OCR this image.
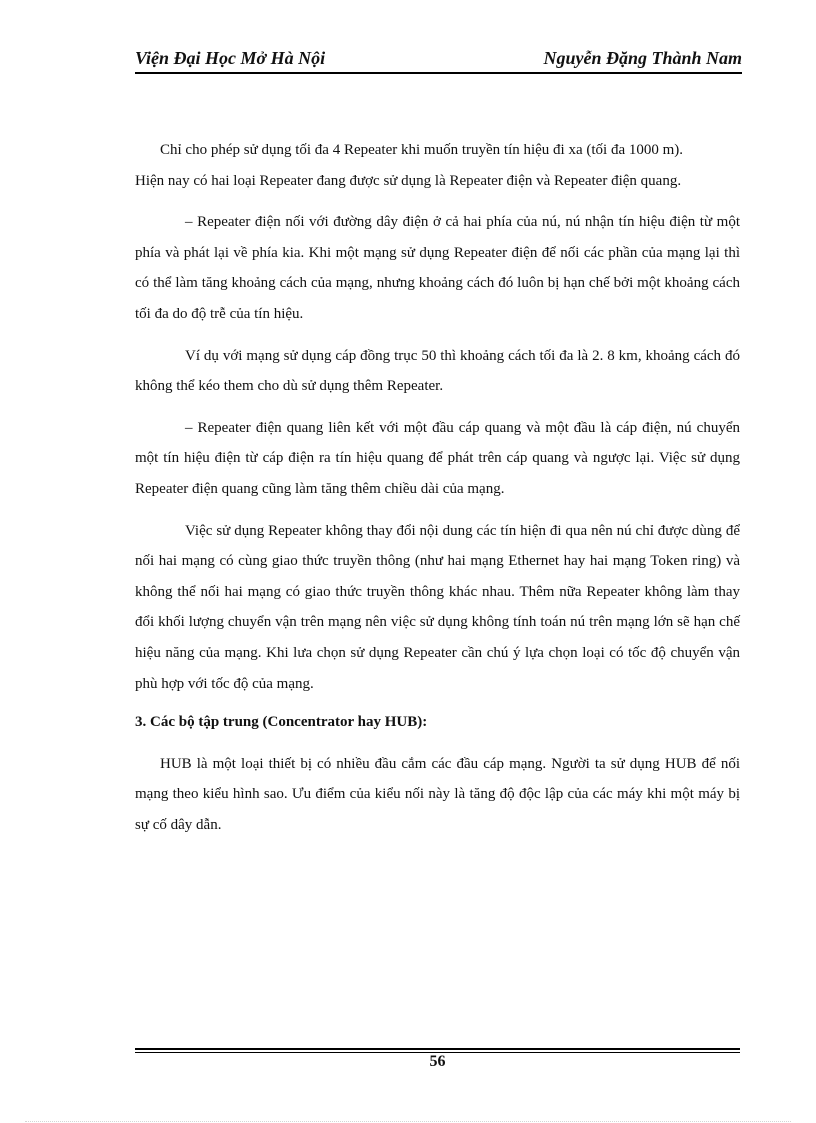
Viện Đại Học Mở Hà Nội	Nguyễn Đặng Thành Nam

Chỉ cho phép sử dụng tối đa 4 Repeater khi muốn truyền tín hiệu đi xa (tối đa 1000 m).

Hiện nay có hai loại Repeater đang được sử dụng là Repeater điện và Repeater điện quang.

– Repeater điện nối với đường dây điện ở cả hai phía của nú, nú nhận tín hiệu điện từ một phía và phát lại về phía kia. Khi một mạng sử dụng Repeater điện để nối các phần của mạng lại thì có thể làm tăng khoảng cách của mạng, nhưng khoảng cách đó luôn bị hạn chế bởi một khoảng cách tối đa do độ trễ của tín hiệu.

Ví dụ với mạng sử dụng cáp đồng trục 50 thì khoảng cách tối đa là 2. 8 km, khoảng cách đó không thể kéo them cho dù sử dụng thêm Repeater.

– Repeater điện quang liên kết với một đầu cáp quang và một đầu là cáp điện, nú chuyển một tín hiệu điện từ cáp điện ra tín hiệu quang để phát trên cáp quang và ngược lại. Việc sử dụng Repeater điện quang cũng làm tăng thêm chiều dài của mạng.

Việc sử dụng Repeater không thay đổi nội dung các tín hiện đi qua nên nú chỉ được dùng để nối hai mạng có cùng giao thức truyền thông (như hai mạng Ethernet hay hai mạng Token ring) và không thể nối hai mạng có giao thức truyền thông khác nhau. Thêm nữa Repeater không làm thay đổi khối lượng chuyển vận trên mạng nên việc sử dụng không tính toán nú trên mạng lớn sẽ hạn chế hiệu năng của mạng. Khi lưa chọn sử dụng Repeater cần chú ý lựa chọn loại có tốc độ chuyển vận phù hợp với tốc độ của mạng.

3. Các bộ tập trung (Concentrator hay HUB):

HUB là một loại thiết bị có nhiều đầu cắm các đầu cáp mạng. Người ta sử dụng HUB để nối mạng theo kiểu hình sao. Ưu điểm của kiểu nối này là tăng độ độc lập của các máy khi một máy bị sự cố dây dẫn.

56
